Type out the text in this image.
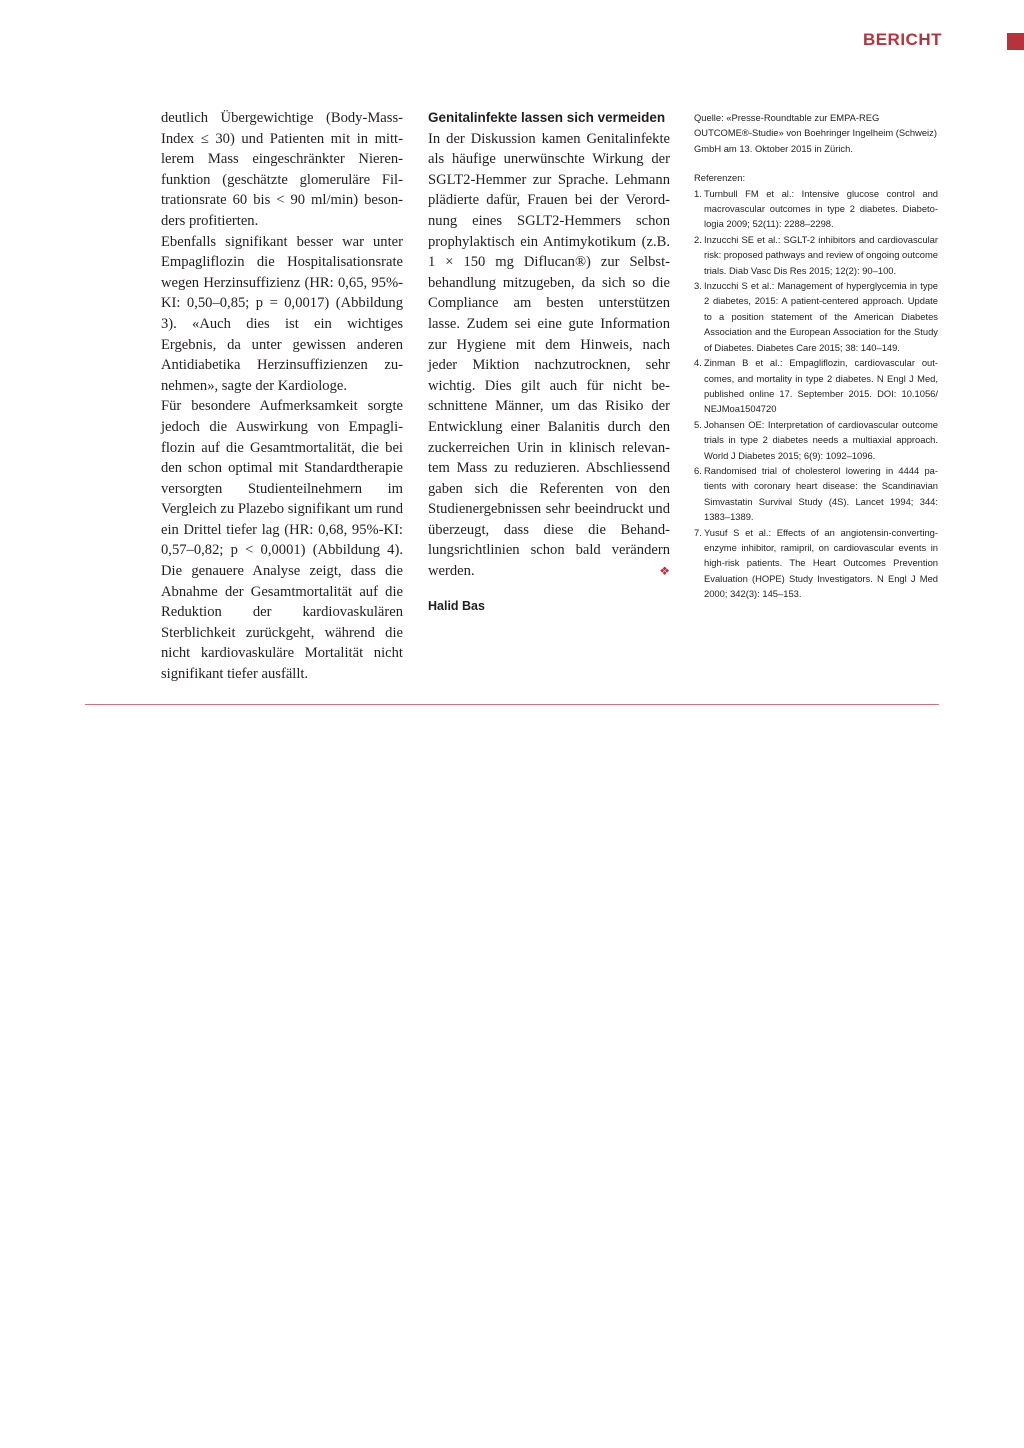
BERICHT

deutlich Übergewichtige (Body-Mass-Index ≤ 30) und Patienten mit in mittlerem Mass eingeschränkter Nierenfunktion (geschätzte glomeruläre Filtrationsrate 60 bis < 90 ml/min) besonders profitierten.

Ebenfalls signifikant besser war unter Empagliflozin die Hospitalisationsrate wegen Herzinsuffizienz (HR: 0,65, 95%-KI: 0,50–0,85; p = 0,0017) (Abbildung 3). «Auch dies ist ein wichtiges Ergebnis, da unter gewissen anderen Antidiabetika Herzinsuffizienzen zunehmen», sagte der Kardiologe.

Für besondere Aufmerksamkeit sorgte jedoch die Auswirkung von Empagliflozin auf die Gesamtmortalität, die bei den schon optimal mit Standardtherapie versorgten Studienteilnehmern im Vergleich zu Plazebo signifikant um rund ein Drittel tiefer lag (HR: 0,68, 95%-KI: 0,57–0,82; p < 0,0001) (Abbildung 4). Die genauere Analyse zeigt, dass die Abnahme der Gesamtmortalität auf die Reduktion der kardiovaskulären Sterblichkeit zurückgeht, während die nicht kardiovaskuläre Mortalität nicht signifikant tiefer ausfällt.

Genitalinfekte lassen sich vermeiden

In der Diskussion kamen Genitalinfekte als häufige unerwünschte Wirkung der SGLT2-Hemmer zur Sprache. Lehmann plädierte dafür, Frauen bei der Verordnung eines SGLT2-Hemmers schon prophylaktisch ein Antimykotikum (z.B. 1 × 150 mg Diflucan®) zur Selbstbehandlung mitzugeben, da sich so die Compliance am besten unterstützen lasse. Zudem sei eine gute Information zur Hygiene mit dem Hinweis, nach jeder Miktion nachzutrocknen, sehr wichtig. Dies gilt auch für nicht beschnittene Männer, um das Risiko der Entwicklung einer Balanitis durch den zuckerreichen Urin in klinisch relevantem Mass zu reduzieren. Abschliessend gaben sich die Referenten von den Studienergebnissen sehr beeindruckt und überzeugt, dass diese die Behandlungsrichtlinien schon bald verändern werden.	❖

Halid Bas

Quelle: «Presse-Roundtable zur EMPA-REG OUTCOME®-Studie» von Boehringer Ingelheim (Schweiz) GmbH am 13. Oktober 2015 in Zürich.

Referenzen:

1. Turnbull FM et al.: Intensive glucose control and macrovascular outcomes in type 2 diabetes. Diabetologia 2009; 52(11): 2288–2298.
2. Inzucchi SE et al.: SGLT-2 inhibitors and cardiovascular risk: proposed pathways and review of ongoing outcome trials. Diab Vasc Dis Res 2015; 12(2): 90–100.
3. Inzucchi S et al.: Management of hyperglycemia in type 2 diabetes, 2015: A patient-centered approach. Update to a position statement of the American Diabetes Association and the European Association for the Study of Diabetes. Diabetes Care 2015; 38: 140–149.
4. Zinman B et al.: Empagliflozin, cardiovascular outcomes, and mortality in type 2 diabetes. N Engl J Med, published online 17. September 2015. DOI: 10.1056/ NEJMoa1504720
5. Johansen OE: Interpretation of cardiovascular outcome trials in type 2 diabetes needs a multiaxial approach. World J Diabetes 2015; 6(9): 1092–1096.
6. Randomised trial of cholesterol lowering in 4444 patients with coronary heart disease: the Scandinavian Simvastatin Survival Study (4S). Lancet 1994; 344: 1383–1389.
7. Yusuf S et al.: Effects of an angiotensin-converting-enzyme inhibitor, ramipril, on cardiovascular events in high-risk patients. The Heart Outcomes Prevention Evaluation (HOPE) Study Investigators. N Engl J Med 2000; 342(3): 145–153.
